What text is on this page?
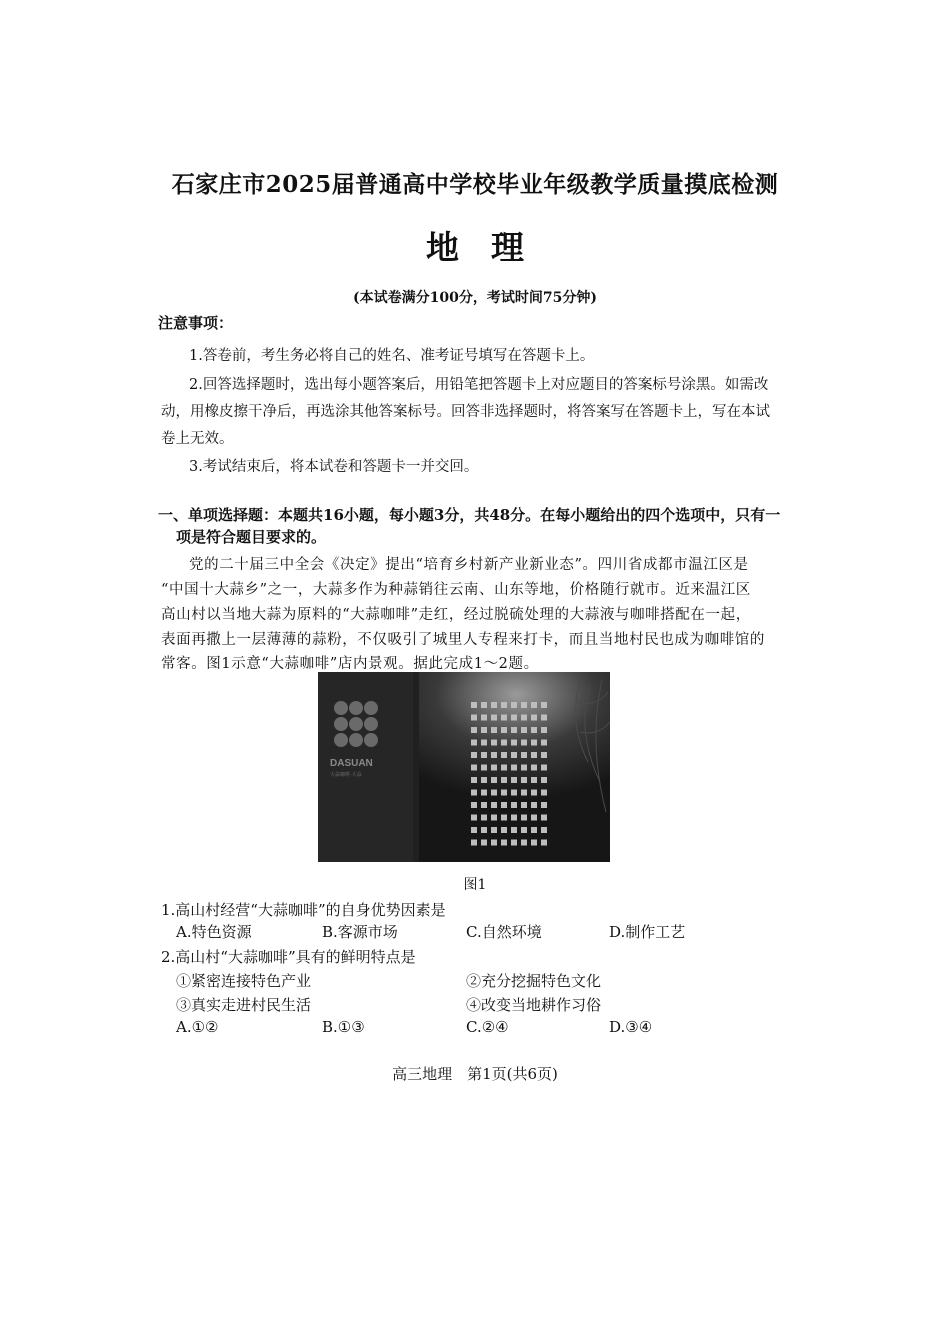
石家庄市2025届普通高中学校毕业年级教学质量摸底检测
地理
(本试卷满分100分，考试时间75分钟)
注意事项：
1.答卷前，考生务必将自己的姓名、准考证号填写在答题卡上。
2.回答选择题时，选出每小题答案后，用铅笔把答题卡上对应题目的答案标号涂黑。如需改
动，用橡皮擦干净后，再选涂其他答案标号。回答非选择题时，将答案写在答题卡上，写在本试
卷上无效。
3.考试结束后，将本试卷和答题卡一并交回。
一、单项选择题：本题共16小题，每小题3分，共48分。在每小题给出的四个选项中，只有一
项是符合题目要求的。
党的二十届三中全会《决定》提出“培育乡村新产业新业态”。四川省成都市温江区是
“中国十大蒜乡”之一，大蒜多作为种蒜销往云南、山东等地，价格随行就市。近来温江区
高山村以当地大蒜为原料的“大蒜咖啡”走红，经过脱硫处理的大蒜液与咖啡搭配在一起，
表面再撒上一层薄薄的蒜粉，不仅吸引了城里人专程来打卡，而且当地村民也成为咖啡馆的
常客。图1示意“大蒜咖啡”店内景观。据此完成1～2题。
DASUAN
大蒜咖啡·大蒜
图1
1.高山村经营“大蒜咖啡”的自身优势因素是
A.特色资源	B.客源市场	C.自然环境	D.制作工艺
2.高山村“大蒜咖啡”具有的鲜明特点是
①紧密连接特色产业	②充分挖掘特色文化
③真实走进村民生活	④改变当地耕作习俗
A.①②	B.①③	C.②④	D.③④
高三地理　第1页(共6页)
